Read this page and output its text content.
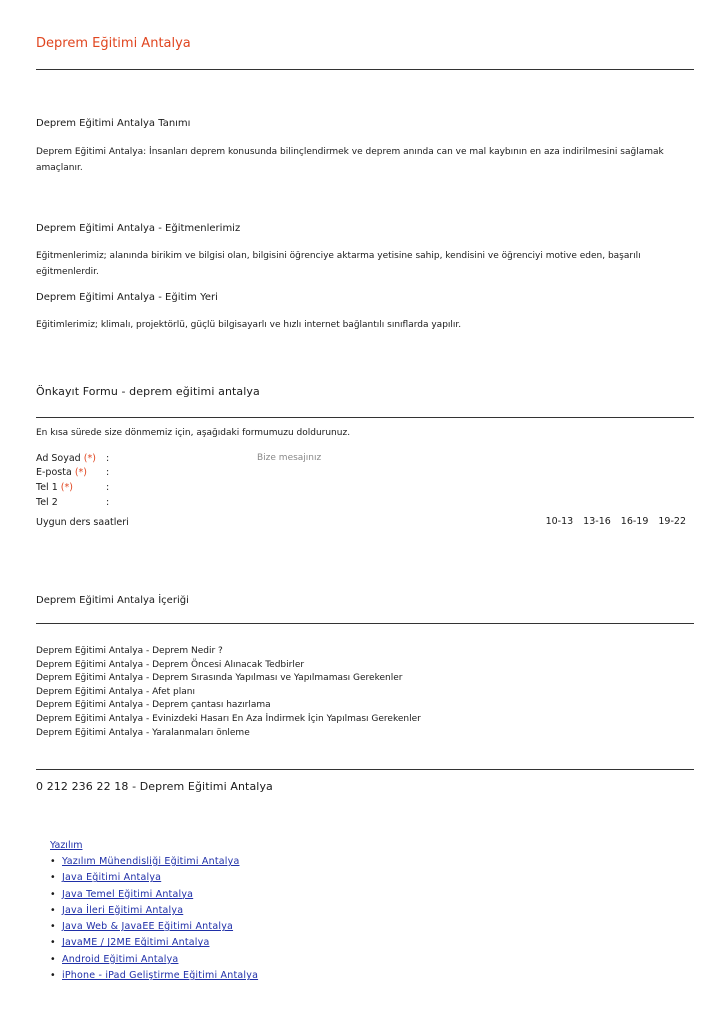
Deprem Eğitimi Antalya
Deprem Eğitimi Antalya Tanımı
Deprem Eğitimi Antalya: İnsanları deprem konusunda bilinçlendirmek ve deprem anında can ve mal kaybının en aza indirilmesini sağlamak amaçlanır.
Deprem Eğitimi Antalya - Eğitmenlerimiz
Eğitmenlerimiz; alanında birikim ve bilgisi olan, bilgisini öğrenciye aktarma yetisine sahip, kendisini ve öğrenciyi motive eden, başarılı eğitmenlerdir.
Deprem Eğitimi Antalya - Eğitim Yeri
Eğitimlerimiz; klimalı, projektörlü, güçlü bilgisayarlı ve hızlı internet bağlantılı sınıflarda yapılır.
Önkayıt Formu - deprem eğitimi antalya
En kısa sürede size dönmemiz için, aşağıdaki formumuzu doldurunuz.
Ad Soyad (*) :
E-posta (*) :
Tel 1 (*)	:
Tel 2	:
Bize mesajınız
Uygun ders saatleri	10-13 13-16 16-19 19-22
Deprem Eğitimi Antalya İçeriği
Deprem Eğitimi Antalya - Deprem Nedir ?
Deprem Eğitimi Antalya - Deprem Öncesi Alınacak Tedbirler
Deprem Eğitimi Antalya - Deprem Sırasında Yapılması ve Yapılmaması Gerekenler
Deprem Eğitimi Antalya - Afet planı
Deprem Eğitimi Antalya - Deprem çantası hazırlama
Deprem Eğitimi Antalya - Evinizdeki Hasarı En Aza İndirmek İçin Yapılması Gerekenler
Deprem Eğitimi Antalya - Yaralanmaları önleme
0 212 236 22 18 - Deprem Eğitimi Antalya
Yazılım
• Yazılım Mühendisliği Eğitimi Antalya
• Java Eğitimi Antalya
• Java Temel Eğitimi Antalya
• Java İleri Eğitimi Antalya
• Java Web & JavaEE Eğitimi Antalya
• JavaME / J2ME Eğitimi Antalya
• Android Eğitimi Antalya
• iPhone - iPad Geliştirme Eğitimi Antalya
